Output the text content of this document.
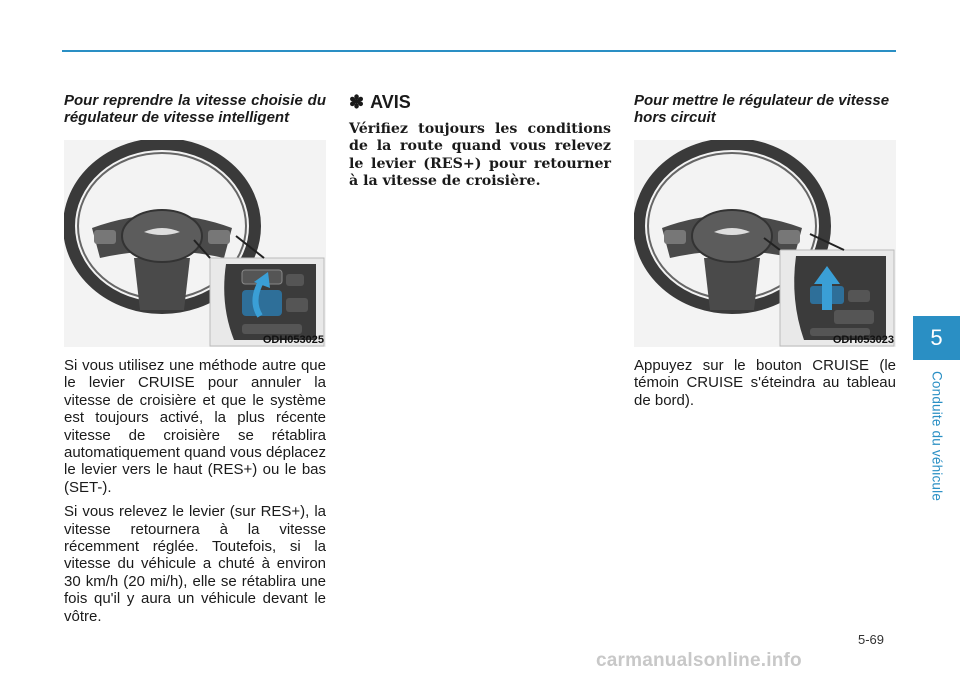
Pour reprendre la vitesse choisie du régulateur de vitesse intelligent

ODH053025

Si vous utilisez une méthode autre que le levier CRUISE pour annuler la vitesse de croisière et que le système est toujours activé, la plus récente vitesse de croisière se rétablira automatiquement quand vous déplacez le levier vers le haut (RES+) ou le bas (SET-).

Si vous relevez le levier (sur RES+), la vitesse retournera à la vitesse récemment réglée. Toutefois, si la vitesse du véhicule a chuté à environ 30 km/h (20 mi/h), elle se rétablira une fois qu'il y aura un véhicule devant le vôtre.

✽ AVIS

Vérifiez toujours les conditions de la route quand vous relevez le levier (RES+) pour retourner à la vitesse de croisière.

Pour mettre le régulateur de vitesse hors circuit

ODH053023

Appuyez sur le bouton CRUISE (le témoin CRUISE s'éteindra au tableau de bord).

5
Conduite du véhicule
5-69
carmanualsonline.info
